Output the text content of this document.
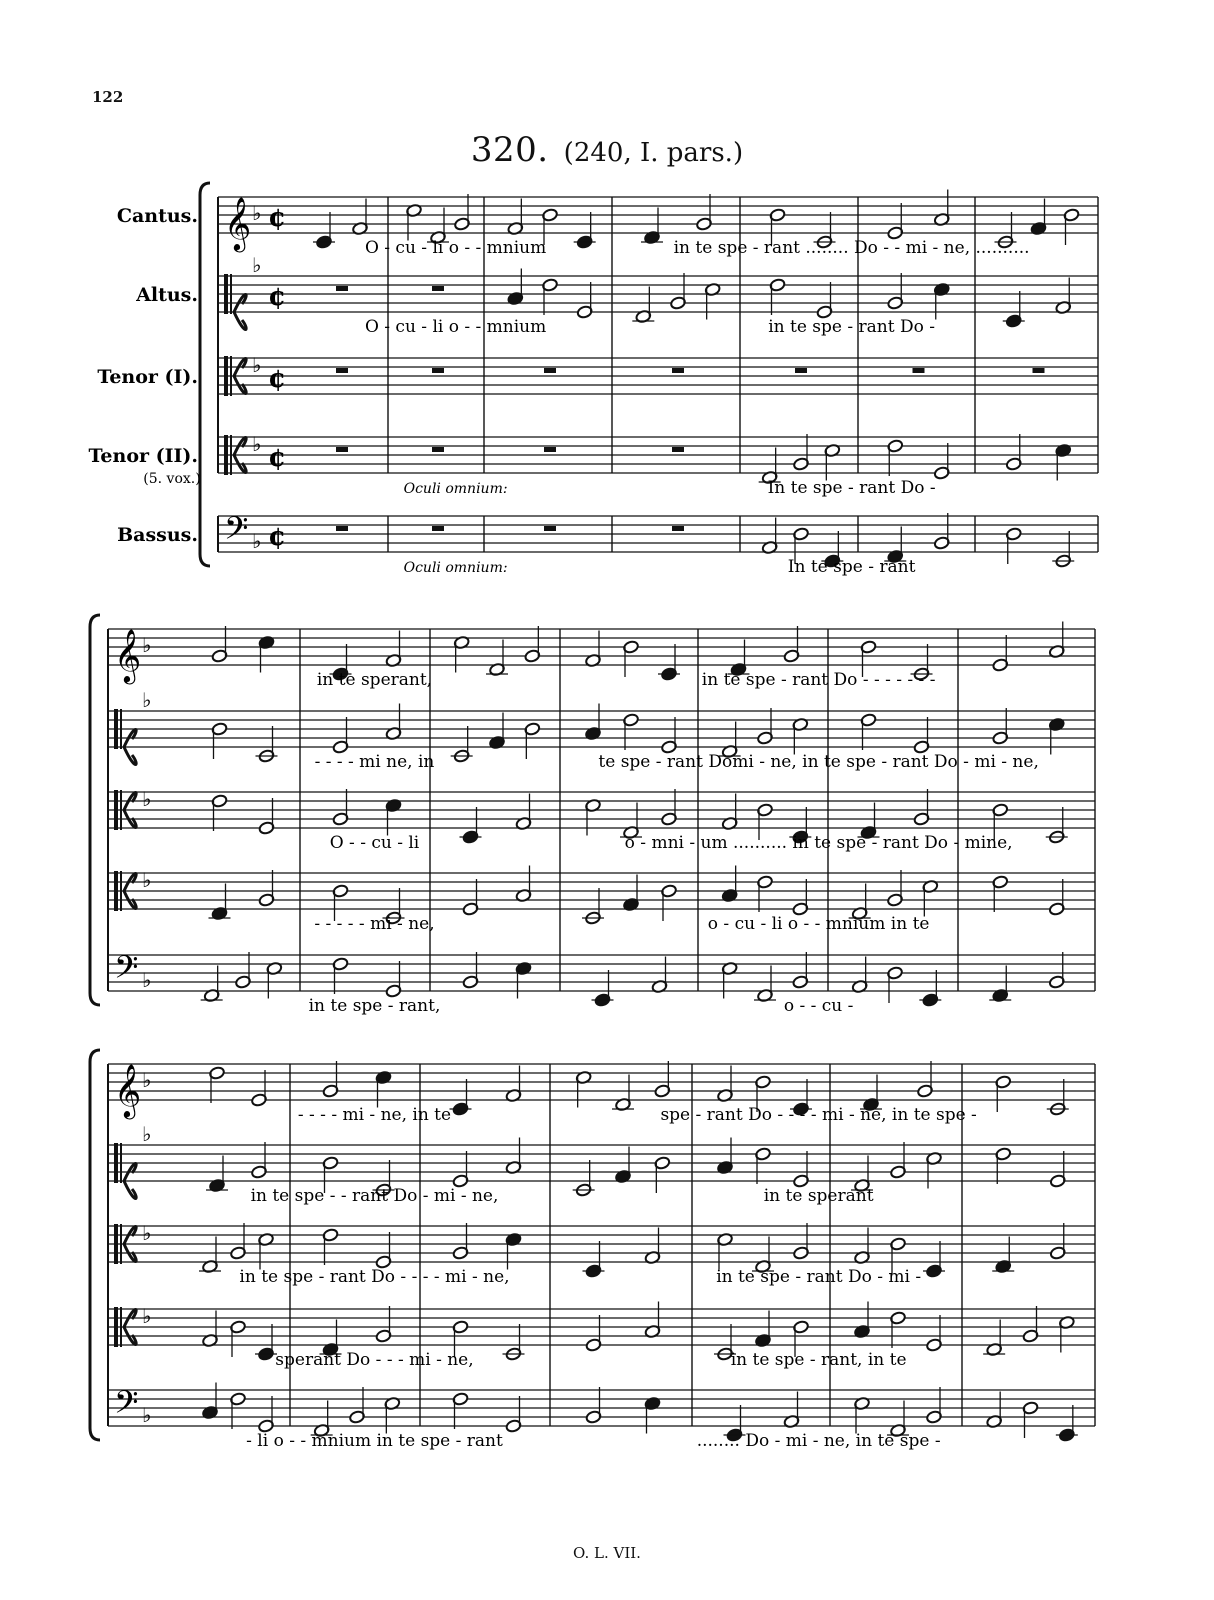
122
320. (240, I. pars.)
𝄞 ♭ ¢
♭
¢
♭ ¢
♭ ¢
𝄢 ♭ ¢
Cantus.
Altus.
Tenor (I).
Tenor (II).
(5. vox.)
Bassus.
O - cu - li o - - mnium	in te spe - rant ........ Do - - mi - ne, ..........
O - cu - li o - - mnium	in te spe - rant Do -
Oculi omnium:	In te spe - rant Do -
Oculi omnium:	In te spe - rant
𝄞 ♭
♭
♭
♭
𝄢 ♭
in te sperant,	in te spe - rant Do - - - - - - -
- - - - mi ne, in	te spe - rant Domi - ne, in te spe - rant Do - mi - ne,
O - - cu - li	o - mni - um .......... in te spe - rant Do - mine,
- - - - - mi - ne,	o - cu - li o - - mnium in te
in te spe - rant,	o - - cu -
𝄞 ♭
♭
♭
♭
𝄢 ♭
- - - - mi - ne, in te	spe - rant Do - - - - mi - ne, in te spe -
in te spe - - rant Do - mi - ne,	in te sperant
in te spe - rant Do - - - - mi - ne,	in te spe - rant Do - mi -
sperant Do - - - mi - ne,	in te spe - rant, in te
- li o - - mnium in te spe - rant	........ Do - mi - ne, in te spe -
O. L. VII.
